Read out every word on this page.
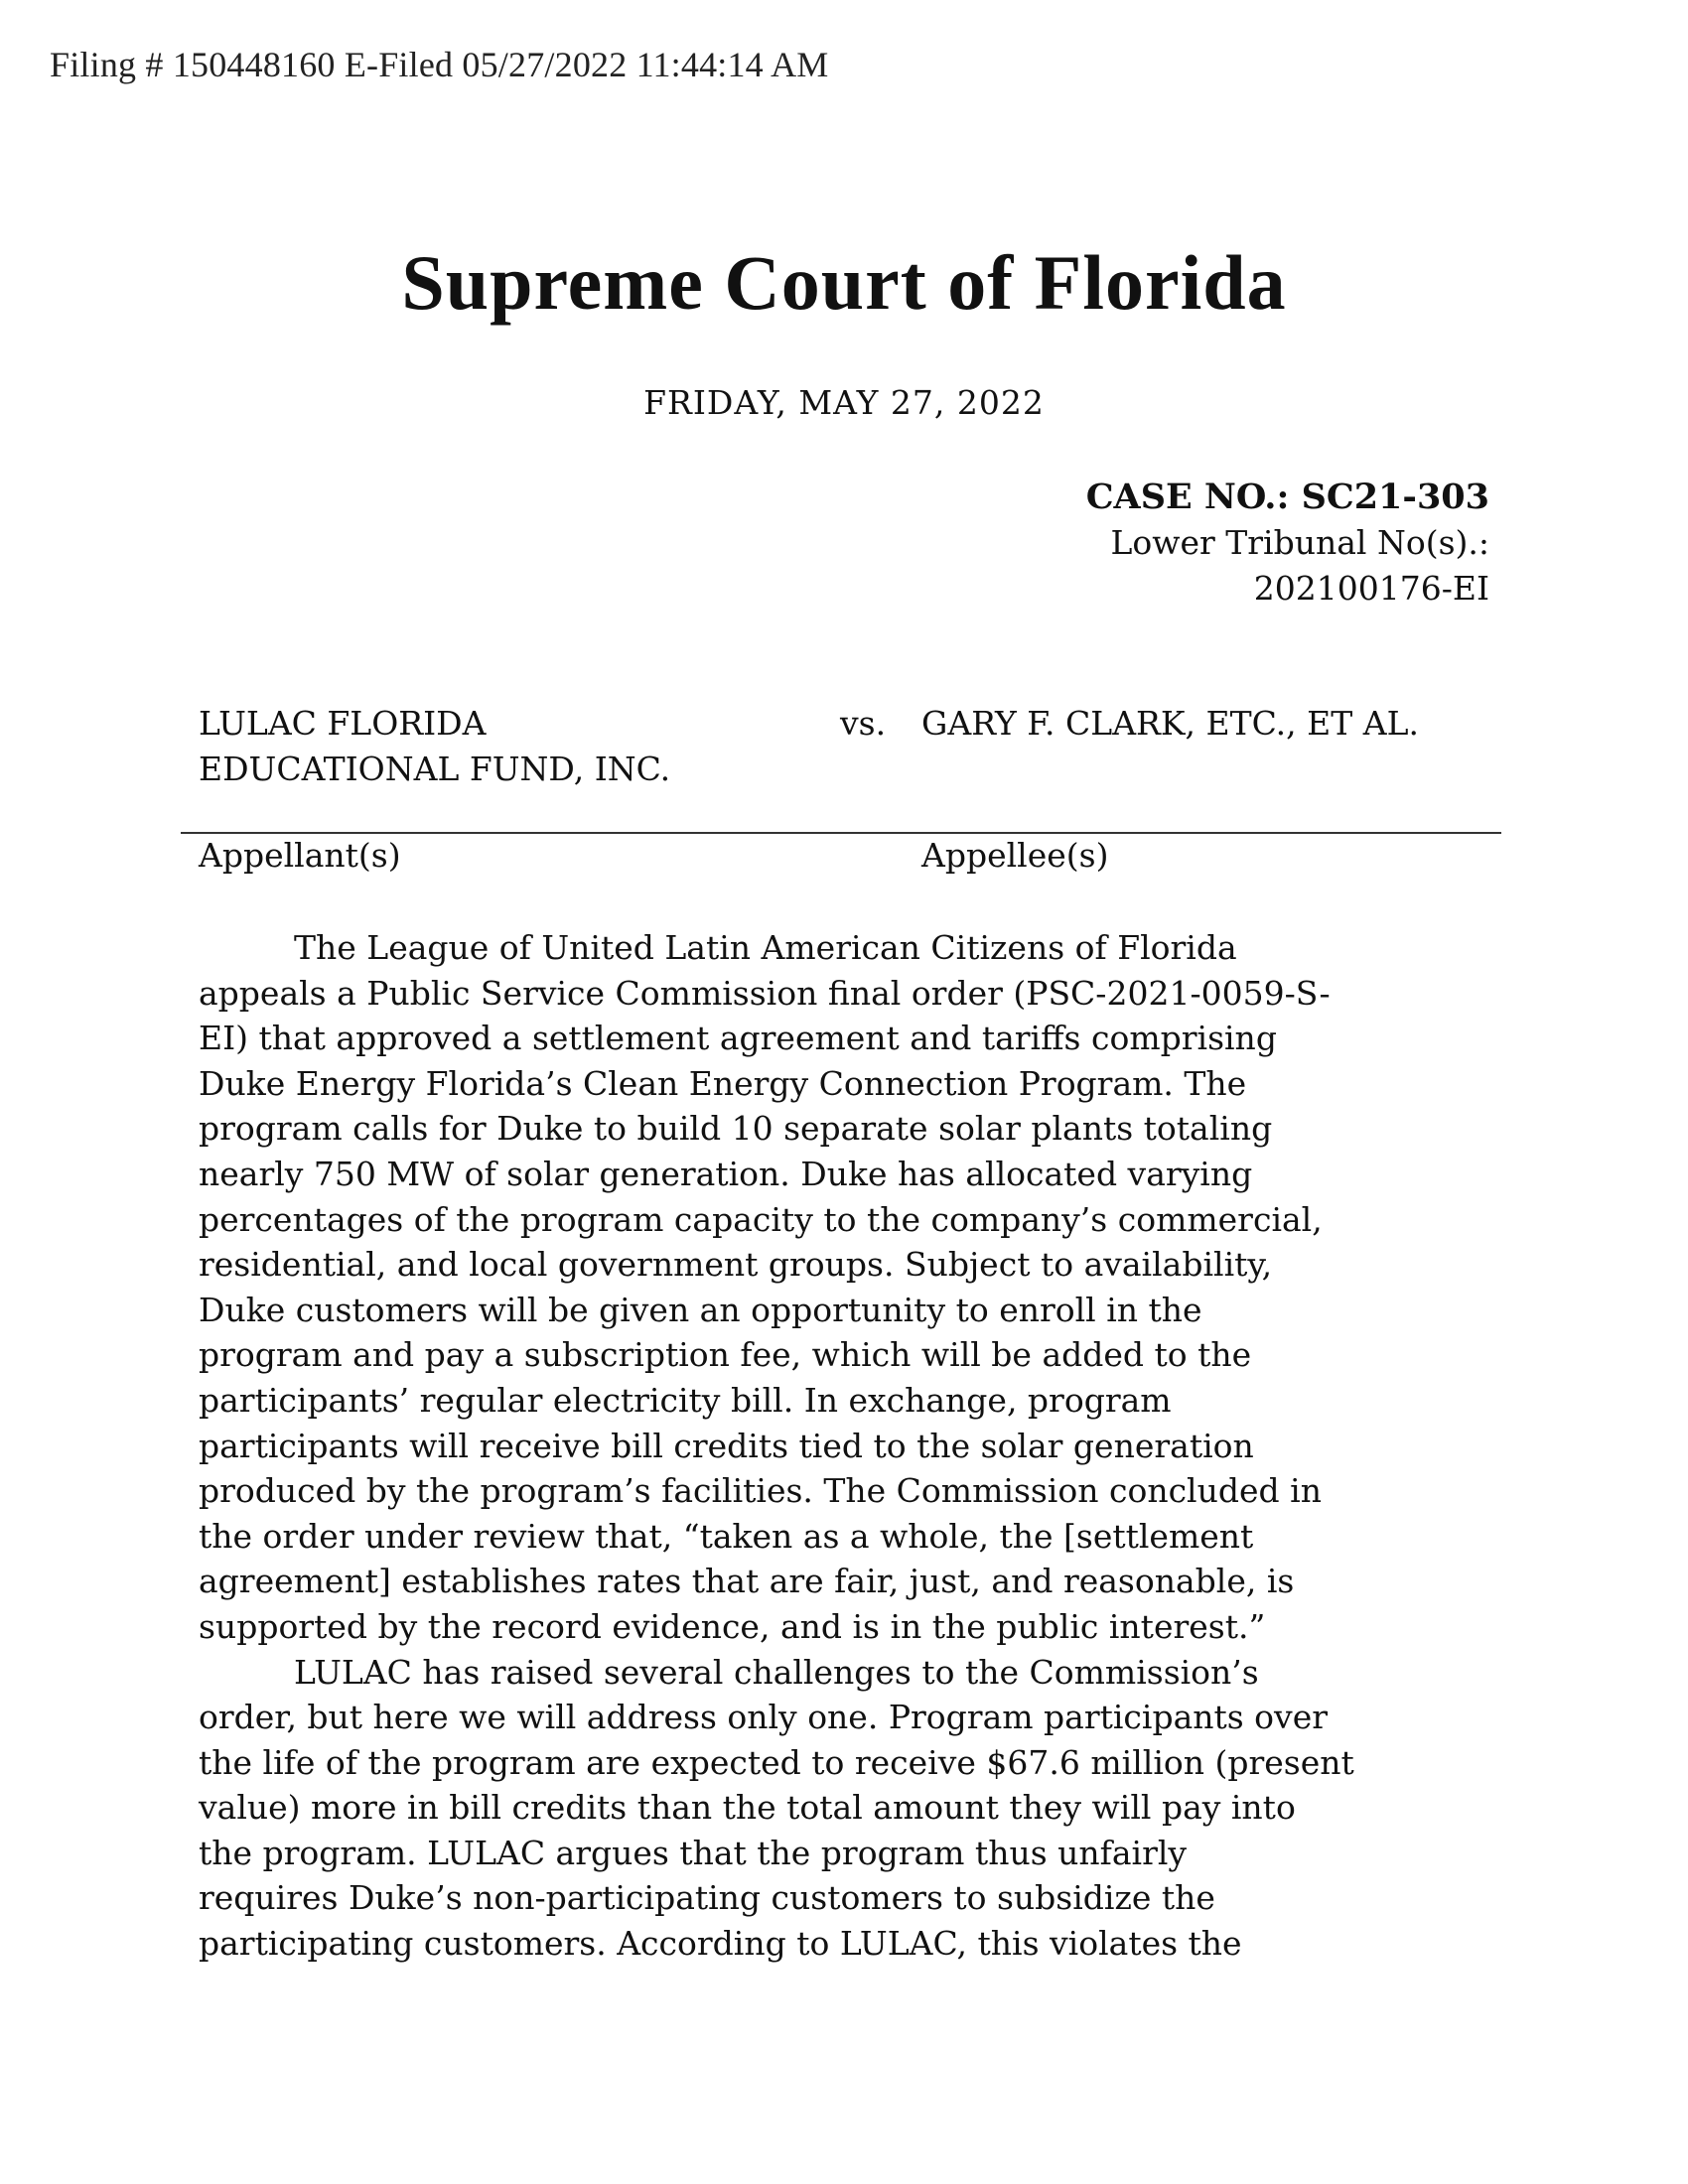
Filing # 150448160 E-Filed 05/27/2022 11:44:14 AM
Supreme Court of Florida
FRIDAY, MAY 27, 2022
CASE NO.: SC21-303
Lower Tribunal No(s).:
202100176-EI
LULAC FLORIDA
EDUCATIONAL FUND, INC.
vs. GARY F. CLARK, ETC., ET AL.
Appellant(s)	Appellee(s)
The League of United Latin American Citizens of Florida
appeals a Public Service Commission final order (PSC-2021-0059-S-
EI) that approved a settlement agreement and tariffs comprising
Duke Energy Florida’s Clean Energy Connection Program. The
program calls for Duke to build 10 separate solar plants totaling
nearly 750 MW of solar generation. Duke has allocated varying
percentages of the program capacity to the company’s commercial,
residential, and local government groups. Subject to availability,
Duke customers will be given an opportunity to enroll in the
program and pay a subscription fee, which will be added to the
participants’ regular electricity bill. In exchange, program
participants will receive bill credits tied to the solar generation
produced by the program’s facilities. The Commission concluded in
the order under review that, “taken as a whole, the [settlement
agreement] establishes rates that are fair, just, and reasonable, is
supported by the record evidence, and is in the public interest.”
LULAC has raised several challenges to the Commission’s
order, but here we will address only one. Program participants over
the life of the program are expected to receive $67.6 million (present
value) more in bill credits than the total amount they will pay into
the program. LULAC argues that the program thus unfairly
requires Duke’s non-participating customers to subsidize the
participating customers. According to LULAC, this violates the
